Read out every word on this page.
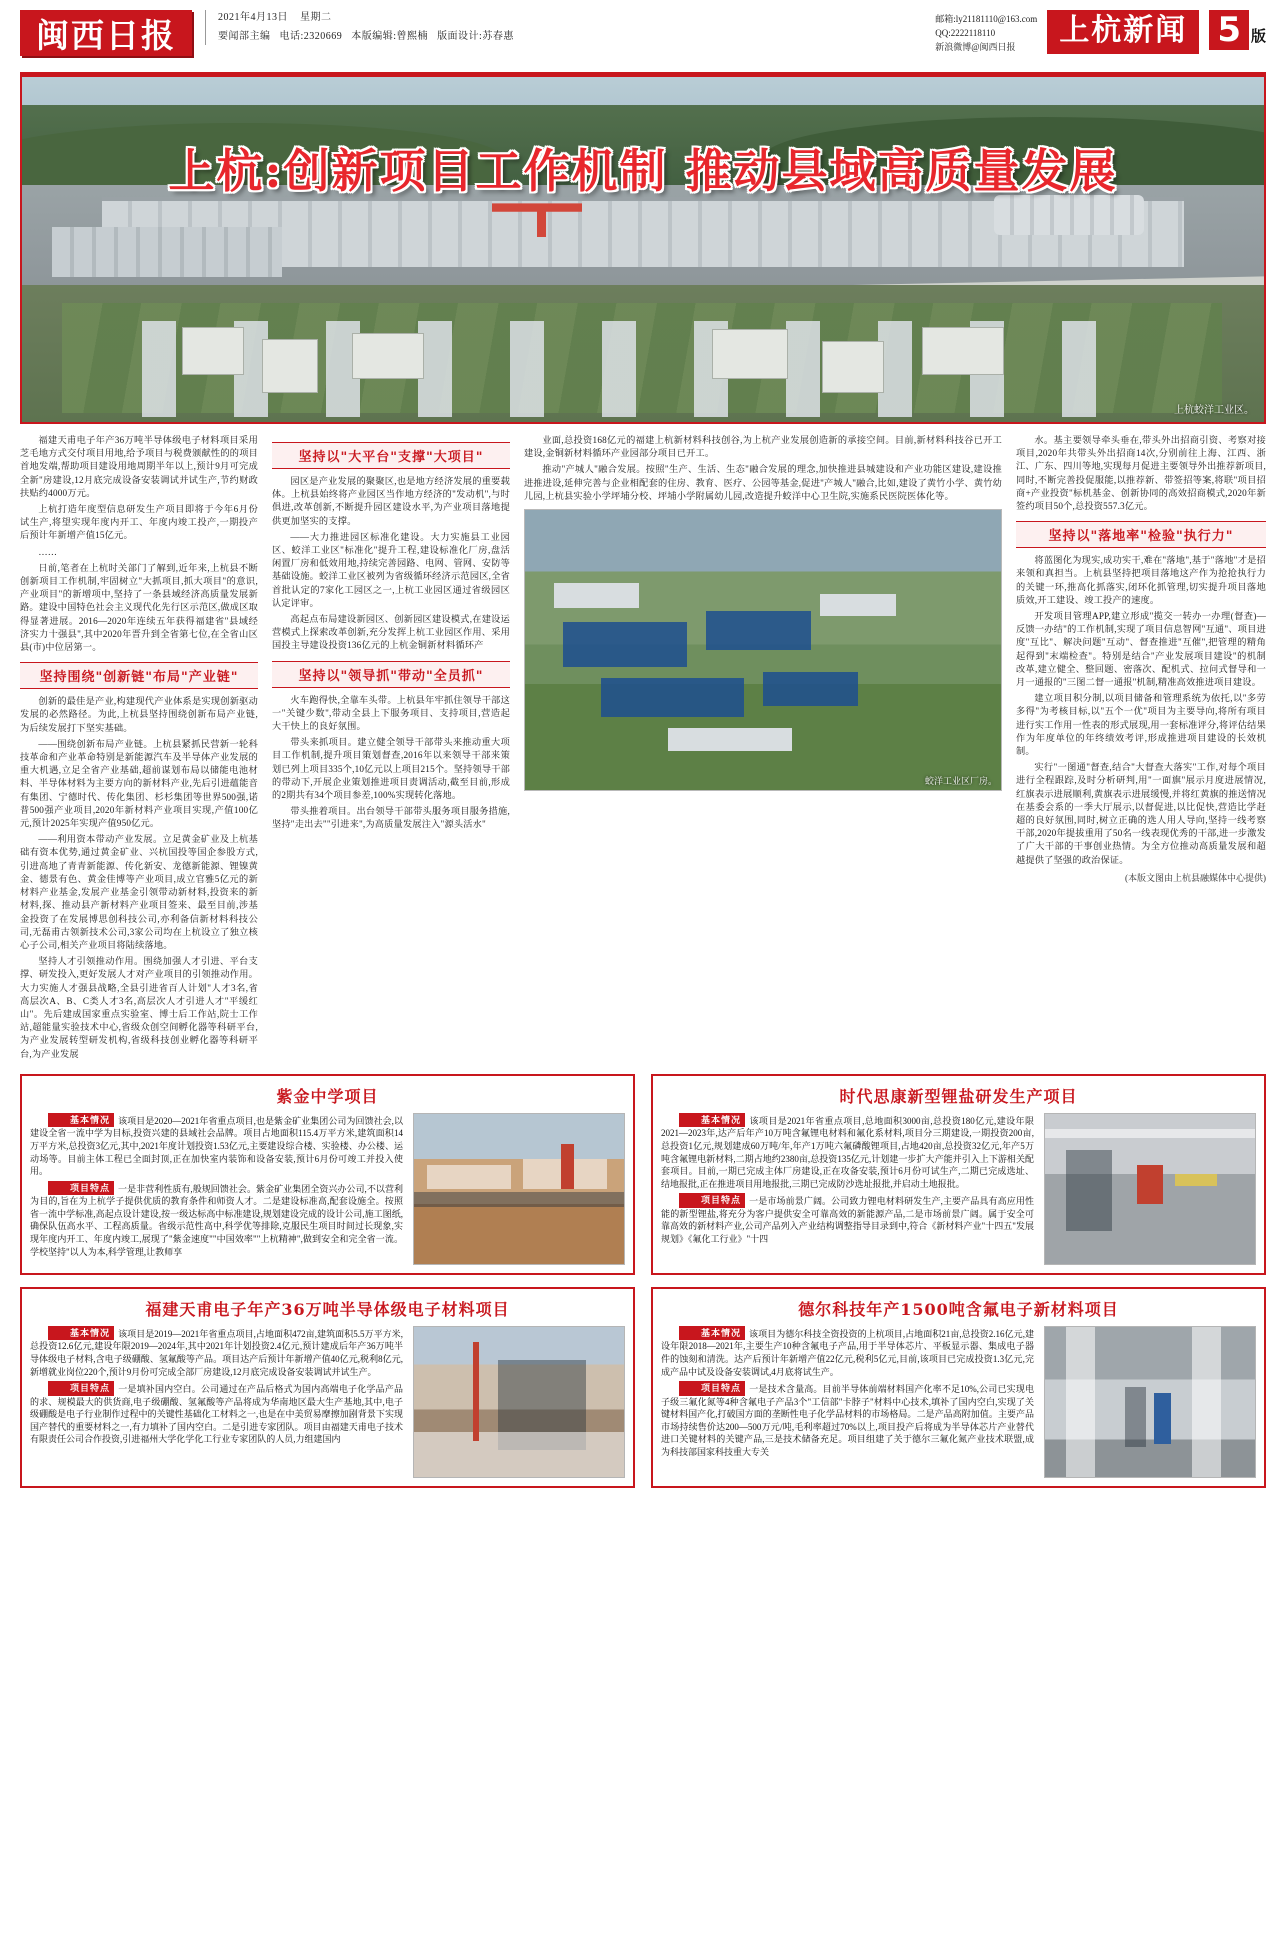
闽西日报	2021年4月13日 星期二
要闻部主编 电话:2320669 本版编辑:曾熙楠 版面设计:苏春惠
邮箱:ly21181110@163.com
QQ:2222118110
新浪微博@闽西日报	上杭新闻 5 版
上杭:创新项目工作机制 推动县域高质量发展
上杭蛟洋工业区。

福建天甫电子年产36万吨半导体级电子材料项目采用芝毛地方式交付项目用地,给予项目与税费颁献性的的项目首地发端,帮助项目建设用地周期半年以上,预计9月可完成全新"房建设,12月底完成设备安装调试并试生产,节约财政扶贴约4000万元。

上杭打造年度型信息研发生产项目即将于今年6月份试生产,将望实现年度内开工、年度内竣工投产,一期投产后预计年新增产值15亿元。

……

日前,笔者在上杭时关部门了解到,近年来,上杭县不断创新项目工作机制,牢固树立"大抓项目,抓大项目"的意识,产业项目"的新增项中,坚持了一条县域经济高质量发展新路。建设中国特色社会主义现代化先行区示范区,做成区取得显著进展。2016—2020年连续五年获得福建省"县域经济实力十强县",其中2020年晋升到全省第七位,在全省山区县(市)中位居第一。

坚持围绕"创新链"布局"产业链"

创新的最佳是产业,构建现代产业体系是实现创新驱动发展的必然路径。为此,上杭县坚持围绕创新布局产业链,为后续发展打下坚实基础。

——围绕创新布局产业链。上杭县紧抓民营新一轮科技革命和产业革命特别是新能源汽车及半导体产业发展的重大机遇,立足全省产业基础,超前谋划布局以储能电池材料、半导体材料为主要方向的新材料产业,先后引进蕴能音有集团、宁德时代、传化集团、杉杉集团等世界500强,诺普500强产业项目,2020年新材料产业项目实现,产值100亿元,预计2025年实现产值950亿元。

——利用资本带动产业发展。立足黄金矿业及上杭基础有资本优势,通过黄金矿业、兴杭国投等国企参股方式,引进高地了青青新能源、传化新安、龙德新能源、锂镍黄金、德景有色、黄金佳博等产业项目,成立官雅5亿元的新材料产业基金,发展产业基金引领带动新材料,投资来的新材料,探、推动县产新材料产业项目签来、最至目前,涉基金投资了在发展博思创科技公司,亦利备信新材料科技公司,无磊甫古领新技术公司,3家公司均在上杭设立了独立核心子公司,相关产业项目将陆续落地。

坚持人才引领推动作用。围绕加强人才引进、平台支撑、研发投入,更好发展人才对产业项目的引领推动作用。大力实施人才强县战略,全县引进省百人计划"人才3名,省高层次A、B、C类人才3名,高层次人才引进人才"平缓红山"。先后建成国家重点实验室、博士后工作站,院士工作站,超能量实验技术中心,省级众创空间孵化器等科研平台,为产业发展转型研发机构,省级科技创业孵化器等科研平台,为产业发展

坚持以"大平台"支撑"大项目"

园区是产业发展的聚聚区,也是地方经济发展的重要载体。上杭县始终将产业园区当作地方经济的"发动机",与时俱进,改革创新,不断提升园区建设水平,为产业项目落地提供更加坚实的支撑。

——大力推进园区标准化建设。大力实施县工业园区、蛟洋工业区"标准化"提升工程,建设标准化厂房,盘活闲置厂房和低效用地,持续完善园路、电网、管网、安防等基础设施。蛟洋工业区被列为省级循环经济示范园区,全省首批认定的7家化工园区之一,上杭工业园区通过省级园区认定评审。

高起点布局建设新园区、创新园区建设模式,在建设运营模式上探索改革创新,充分发挥上杭工业园区作用、采用国投主导建设投资136亿元的上杭金铜新材料循环产

坚持以"领导抓"带动"全员抓"

火车跑得快,全靠车头带。上杭县年牢抓住领导干部这一"关键少数",带动全县上下服务项目、支持项目,营造起大干快上的良好氛围。

带头来抓项目。建立健全领导干部带头来推动重大项目工作机制,提升项目策划督查,2016年以来领导干部来策划已列上项目335个,10亿元以上项目215个。坚持领导干部的带动下,开展企业策划推进项目责调活动,截至目前,形成的2期共有34个项目参差,100%实现转化落地。

带头推着项目。出台领导干部带头服务项目服务措施,坚持"走出去""引进来",为高质量发展注入"源头活水"

业面,总投资168亿元的福建上杭新材料科技创谷,为上杭产业发展创造新的承接空间。目前,新材料科技谷已开工建设,金铜新材料循环产业园部分项目已开工。

推动"产城人"融合发展。按照"生产、生活、生态"融合发展的理念,加快推进县城建设和产业功能区建设,建设推进推进设,延伸完善与企业相配套的住房、教育、医疗、公园等基金,促进"产城人"融合,比如,建设了黄竹小学、黄竹幼儿园,上杭县实验小学坪埔分校、坪埔小学附属幼儿园,改造提升蛟洋中心卫生院,实施系民医院医体化等。

蛟洋工业区厂房。

水。基主要领导牵头垂在,带头外出招商引资、考察对接项目,2020年共带头外出招商14次,分别前往上海、江西、浙江、广东、四川等地,实现每月促进主要领导外出推荐新项目,同时,不断完善投促服能,以推荐新、带签招等案,将联"项目招商+产业投资"标机基金、创新协同的高效招商模式,2020年新签约项目50个,总投资557.3亿元。

坚持以"落地率"检验"执行力"

将蓝图化为现实,成功实干,难在"落地",基于"落地"才是招来领和真担当。上杭县坚持把项目落地这产作为抢抢执行力的关键一环,推高化抓落实,闭环化抓管理,切实提升项目落地质效,开工建设、竣工投产的速度。

开发项目管理APP,建立形成"揽交一转办一办理(督查)—反馈一办结"的工作机制,实现了项目信息智网"互通"、项目进度"互比"、解决问题"互动"、督查推进"互催",把管理的精角起得到"末端检查"。特别是结合"产业发展项目建设"的机制改革,建立健全、整回题、密落次、配机式、拉问式督导和一月一通报的"三图二督一通报"机制,精准高效推进项目建设。

建立项目积分制,以项目储备和管理系统为依托,以"多劳多得"为考核目标,以"五个一优"项目为主要导向,将所有项目进行实工作用一性表的形式展现,用一套标准评分,将评估结果作为年度单位的年终绩效考评,形成推进项目建设的长效机制。

实行"一图通"督查,结合"大督查大落实"工作,对每个项目进行全程跟踪,及时分析研判,用"一面旗"展示月度进展情况,红旗表示进展顺利,黄旗表示进展缓慢,并将红黄旗的推送情况在基委会系的一季大厅展示,以督促进,以比促快,营造比学赶超的良好氛围,同时,树立正确的选人用人导向,坚持一线考察干部,2020年提拔重用了50名一线表现优秀的干部,进一步激发了广大干部的干事创业热情。为全方位推动高质量发展和超越提供了坚强的政治保证。

(本版文图由上杭县融媒体中心提供)
紫金中学项目

基本情况 该项目是2020—2021年省重点项目,也是紫金矿业集团公司为回馈社会,以建设全省一流中学为目标,投资兴建的县域社会品牌。项目占地面积115.4万平方米,建筑面积14万平方米,总投资3亿元,其中,2021年度计划投资1.53亿元,主要建设综合楼、实验楼、办公楼、运动场等。目前主体工程已全面封顶,正在加快室内装饰和设备安装,预计6月份可竣工并投入使用。

项目特点 一是非营利性质有,般规回馈社会。紫金矿业集团全资兴办公司,不以营利为目的,旨在为上杭学子提供优质的教育条件和师资人才。二是建设标准高,配套设施全。按照省一流中学标准,高起点设计建设,按一级达标高中标准建设,规划建设完成的设计公司,施工图纸,确保队伍高水平、工程高质量。省级示范性高中,科学优等排除,克服民生项目时间过长现象,实现年度内开工、年度内竣工,展现了"紫金速度""中国效率""上杭精神",做到安全和完全省一流。学校坚持"以人为本,科学管理,让教师享

时代思康新型锂盐研发生产项目

基本情况 该项目是2021年省重点项目,总地面积3000亩,总投资180亿元,建设年限2021—2023年,达产后年产10万吨含氟锂电材料和氟化系材料,项目分三期建设,一期投资200亩,总投资1亿元,规划建成60万吨/年,年产1万吨六氟磷酸锂项目,占地420亩,总投资32亿元,年产5万吨含氟锂电新材料,二期占地约2380亩,总投资135亿元,计划建一步扩大产能并引入上下游相关配套项目。目前,一期已完成主体厂房建设,正在攻备安装,预计6月份可试生产,二期已完成选址、结地报批,正在推进项目用地报批,三期已完成防沙选址报批,并启动土地报批。

项目特点 一是市场前景广阔。公司致力锂电材料研发生产,主要产品具有高应用性能的新型锂盐,将充分为客户提供安全可靠高效的新能源产品,二是市场前景广阔。属于安全可靠高效的新材料产业,公司产品列入产业结构调整指导目录到中,符合《新材料产业"十四五"发展规划》《氟化工行业》"十四

福建天甫电子年产36万吨半导体级电子材料项目

基本情况 该项目是2019—2021年省重点项目,占地面积472亩,建筑面积5.5万平方米,总投资12.6亿元,建设年限2019—2024年,其中2021年计划投资2.4亿元,预计建成后年产36万吨半导体级电子材料,含电子级硼酸、氢氟酸等产品。项目达产后预计年新增产值40亿元,税利8亿元,新增就业岗位220个,预计9月份可完成全部厂房建设,12月底完成设备安装调试并试生产。

项目特点 一是填补国内空白。公司通过在产品后格式为国内高端电子化学品产品的求、规模最大的供货商,电子级硼酸、氢氟酸等产品将成为华南地区最大生产基地,其中,电子级硼酸是电子行业制作过程中的关键性基础化工材料之一,也是在中美贸易摩擦加剧背景下实现国产替代的重要材料之一,有力填补了国内空白。二是引进专家团队。项目由福建天甫电子技术有限责任公司合作投资,引进福州大学化学化工行业专家团队的人员,力组建国内

德尔科技年产1500吨含氟电子新材料项目

基本情况 该项目为德尔科技全资投资的上杭项目,占地面积21亩,总投资2.16亿元,建设年限2018—2021年,主要生产10种含氟电子产品,用于半导体芯片、平板显示器、集成电子器件的蚀刻和清洗。达产后预计年新增产值22亿元,税利5亿元,目前,该项目已完成投资1.3亿元,完成产品中试及设备安装调试,4月底将试生产。

项目特点 一是技术含量高。目前半导体前端材料国产化率不足10%,公司已实现电子级三氟化氮等4种含氟电子产品3个"工信部"卡脖子"材料中心技术,填补了国内空白,实现了关键材料国产化,打破国方面的垄断性电子化学品材料的市场格局。二是产品高附加值。主要产品市场持续售价达200—500万元/吨,毛利率超过70%以上,项目投产后将成为半导体芯片产业替代进口关键材料的关键产品,三是技术储备充足。项目组建了关于德尔三氟化氮产业技术联盟,成为科技部国家科技重大专关
